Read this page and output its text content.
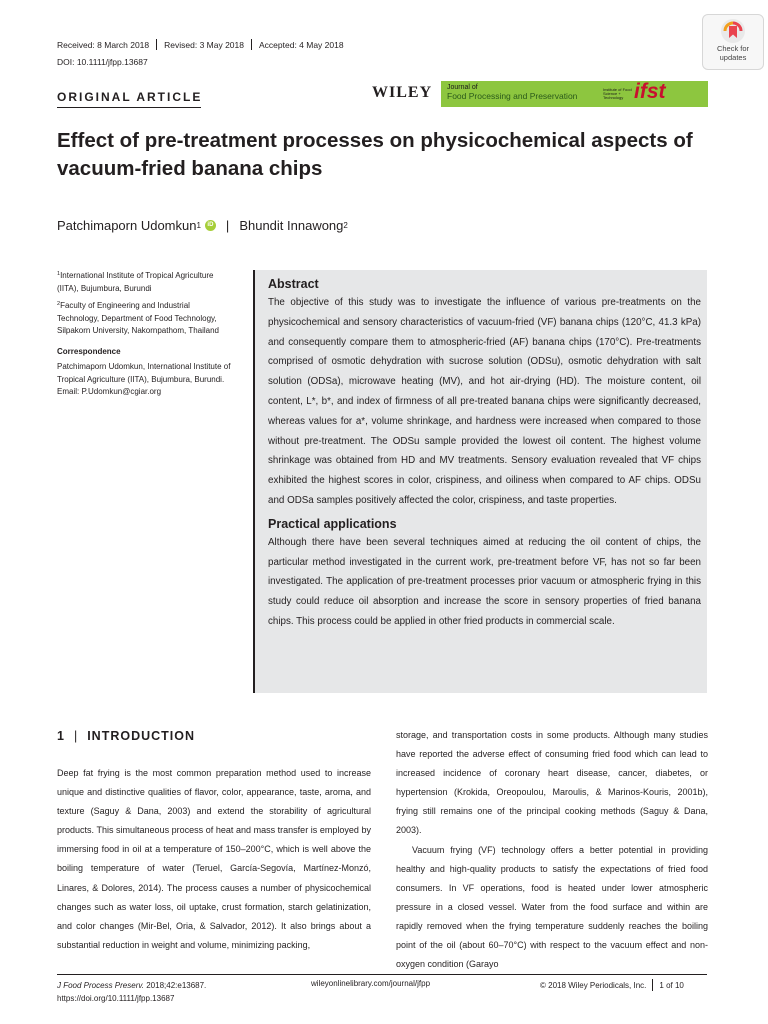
Received: 8 March 2018 Revised: 3 May 2018 Accepted: 4 May 2018
DOI: 10.1111/jfpp.13687
Check for
updates
ORIGINAL ARTICLE	WILEY Journal of
Food Processing and Preservation
Institute of Food Science + Technology ifst
Effect of pre-treatment processes on physicochemical aspects of vacuum-fried banana chips
Patchimaporn Udomkun 1	iD | Bhundit Innawong 2

$^1$International Institute of Tropical Agriculture (IITA), Bujumbura, Burundi

$^2$Faculty of Engineering and Industrial Technology, Department of Food Technology, Silpakorn University, Nakornpathom, Thailand

Correspondence

Patchimaporn Udomkun, International Institute of Tropical Agriculture (IITA), Bujumbura, Burundi.

Email: P.Udomkun@cgiar.org

Abstract

The objective of this study was to investigate the influence of various pre-treatments on the physicochemical and sensory characteristics of vacuum-fried (VF) banana chips (120°C, 41.3 kPa) and consequently compare them to atmospheric-fried (AF) banana chips (170°C). Pre-treatments comprised of osmotic dehydration with sucrose solution (ODSu), osmotic dehydration with salt solution (ODSa), microwave heating (MV), and hot air-drying (HD). The moisture content, oil content, L*, b*, and index of firmness of all pre-treated banana chips were significantly decreased, whereas values for a*, volume shrinkage, and hardness were increased when compared to those without pre-treatment. The ODSu sample provided the lowest oil content. The highest volume shrinkage was obtained from HD and MV treatments. Sensory evaluation revealed that VF chips exhibited the highest scores in color, crispiness, and oiliness when compared to AF chips. ODSu and ODSa samples positively affected the color, crispiness, and taste properties.

Practical applications

Although there have been several techniques aimed at reducing the oil content of chips, the particular method investigated in the current work, pre-treatment before VF, has not so far been investigated. The application of pre-treatment processes prior vacuum or atmospheric frying in this study could reduce oil absorption and increase the score in sensory properties of fried banana chips. This process could be applied in other fried products in commercial scale.

1 | INTRODUCTION

Deep fat frying is the most common preparation method used to increase unique and distinctive qualities of flavor, color, appearance, taste, aroma, and texture (Saguy & Dana, 2003) and extend the storability of agricultural products. This simultaneous process of heat and mass transfer is employed by immersing food in oil at a temperature of 150–200°C, which is well above the boiling temperature of water (Teruel, García-Segovía, Martínez-Monzó, Linares, & Dolores, 2014). The process causes a number of physicochemical changes such as water loss, oil uptake, crust formation, starch gelatinization, and color changes (Mir-Bel, Oria, & Salvador, 2012). It also brings about a substantial reduction in weight and volume, minimizing packing,

storage, and transportation costs in some products. Although many studies have reported the adverse effect of consuming fried food which can lead to increased incidence of coronary heart disease, cancer, diabetes, or hypertension (Krokida, Oreopoulou, Maroulis, & Marinos-Kouris, 2001b), frying still remains one of the principal cooking methods (Saguy & Dana, 2003).

Vacuum frying (VF) technology offers a better potential in providing healthy and high-quality products to satisfy the expectations of fried food consumers. In VF operations, food is heated under lower atmospheric pressure in a closed vessel. Water from the food surface and within are rapidly removed when the frying temperature suddenly reaches the boiling point of the oil (about 60–70°C) with respect to the vacuum effect and non-oxygen condition (Garayo

J Food Process Preserv. 2018;42:e13687.
https://doi.org/10.1111/jfpp.13687
wileyonlinelibrary.com/journal/jfpp	© 2018 Wiley Periodicals, Inc. 1 of 10
